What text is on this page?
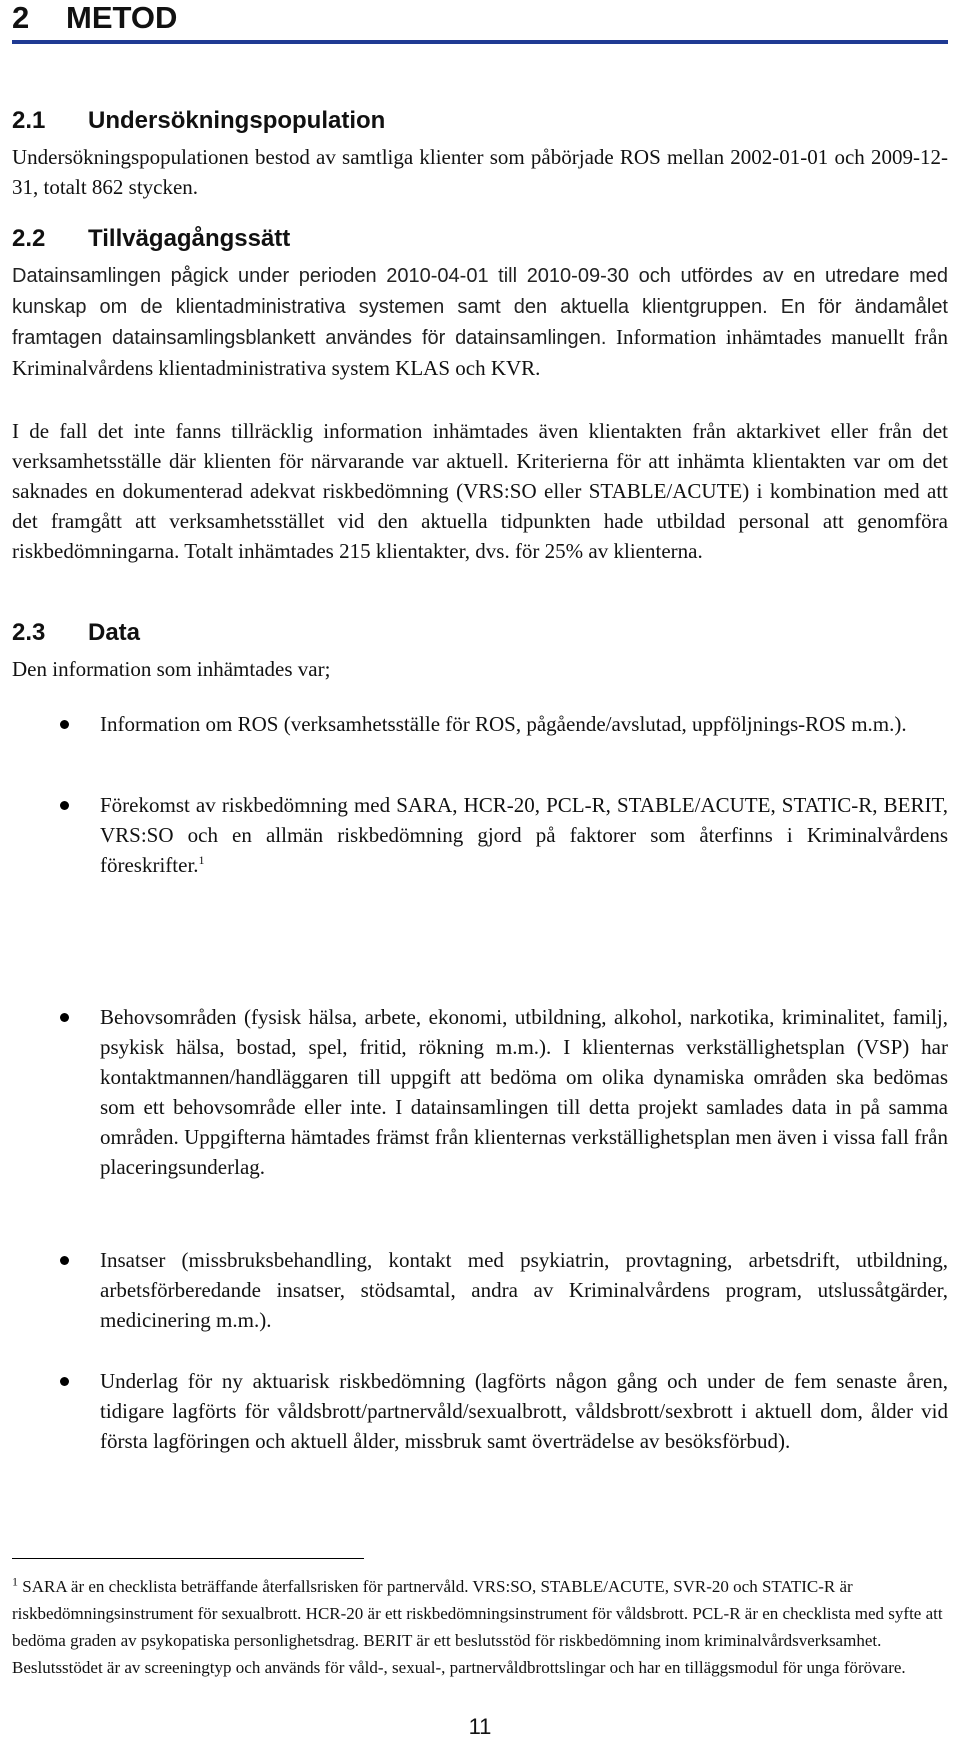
2 METOD
2.1 Undersökningspopulation

Undersökningspopulationen bestod av samtliga klienter som påbörjade ROS mellan 2002-01-01 och 2009-12-31, totalt 862 stycken.

2.2 Tillvägagångssätt

Datainsamlingen pågick under perioden 2010-04-01 till 2010-09-30 och utfördes av en utredare med kunskap om de klientadministrativa systemen samt den aktuella klientgruppen. En för ändamålet framtagen datainsamlingsblankett användes för datainsamlingen. Information inhämtades manuellt från Kriminalvårdens klientadministrativa system KLAS och KVR.

I de fall det inte fanns tillräcklig information inhämtades även klientakten från aktarkivet eller från det verksamhetsställe där klienten för närvarande var aktuell. Kriterierna för att inhämta klientakten var om det saknades en dokumenterad adekvat riskbedömning (VRS:SO eller STABLE/ACUTE) i kombination med att det framgått att verksamhetsstället vid den aktuella tidpunkten hade utbildad personal att genomföra riskbedömningarna. Totalt inhämtades 215 klientakter, dvs. för 25% av klienterna.

2.3 Data

Den information som inhämtades var;

Information om ROS (verksamhetsställe för ROS, pågående/avslutad, uppföljnings-ROS m.m.).
Förekomst av riskbedömning med SARA, HCR-20, PCL-R, STABLE/ACUTE, STATIC-R, BERIT, VRS:SO och en allmän riskbedömning gjord på faktorer som återfinns i Kriminalvårdens föreskrifter.$^1$
Behovsområden (fysisk hälsa, arbete, ekonomi, utbildning, alkohol, narkotika, kriminalitet, familj, psykisk hälsa, bostad, spel, fritid, rökning m.m.). I klienternas verkställighetsplan (VSP) har kontaktmannen/handläggaren till uppgift att bedöma om olika dynamiska områden ska bedömas som ett behovsområde eller inte. I datainsamlingen till detta projekt samlades data in på samma områden. Uppgifterna hämtades främst från klienternas verkställighetsplan men även i vissa fall från placeringsunderlag.
Insatser (missbruksbehandling, kontakt med psykiatrin, provtagning, arbetsdrift, utbildning, arbetsförberedande insatser, stödsamtal, andra av Kriminalvårdens program, utslussåtgärder, medicinering m.m.).
Underlag för ny aktuarisk riskbedömning (lagförts någon gång och under de fem senaste åren, tidigare lagförts för våldsbrott/partnervåld/sexualbrott, våldsbrott/sexbrott i aktuell dom, ålder vid första lagföringen och aktuell ålder, missbruk samt överträdelse av besöksförbud).

$^1$ SARA är en checklista beträffande återfallsrisken för partnervåld. VRS:SO, STABLE/ACUTE, SVR-20 och STATIC-R är riskbedömningsinstrument för sexualbrott. HCR-20 är ett riskbedömningsinstrument för våldsbrott. PCL-R är en checklista med syfte att bedöma graden av psykopatiska personlighetsdrag. BERIT är ett beslutsstöd för riskbedömning inom kriminalvårdsverksamhet. Beslutsstödet är av screeningtyp och används för våld-, sexual-, partnervåldbrottslingar och har en tilläggsmodul för unga förövare.

11
